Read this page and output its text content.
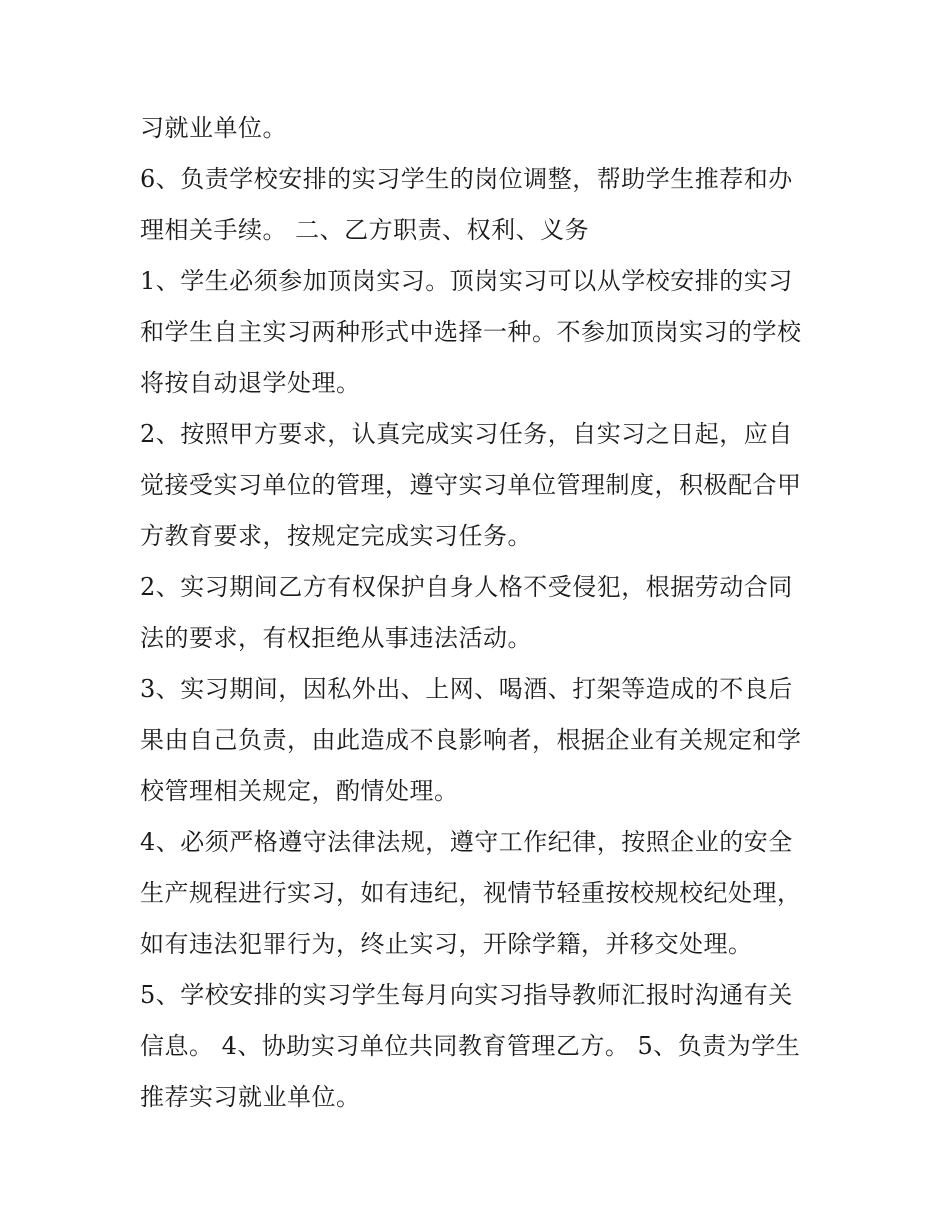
习就业单位。
6、负责学校安排的实习学生的岗位调整，帮助学生推荐和办
理相关手续。 二、乙方职责、权利、义务
1、学生必须参加顶岗实习。顶岗实习可以从学校安排的实习
和学生自主实习两种形式中选择一种。不参加顶岗实习的学校
将按自动退学处理。
2、按照甲方要求，认真完成实习任务，自实习之日起，应自
觉接受实习单位的管理，遵守实习单位管理制度，积极配合甲
方教育要求，按规定完成实习任务。
2、实习期间乙方有权保护自身人格不受侵犯，根据劳动合同
法的要求，有权拒绝从事违法活动。
3、实习期间，因私外出、上网、喝酒、打架等造成的不良后
果由自己负责，由此造成不良影响者，根据企业有关规定和学
校管理相关规定，酌情处理。
4、必须严格遵守法律法规，遵守工作纪律，按照企业的安全
生产规程进行实习，如有违纪，视情节轻重按校规校纪处理，
如有违法犯罪行为，终止实习，开除学籍，并移交处理。
5、学校安排的实习学生每月向实习指导教师汇报时沟通有关
信息。 4、协助实习单位共同教育管理乙方。 5、负责为学生
推荐实习就业单位。
